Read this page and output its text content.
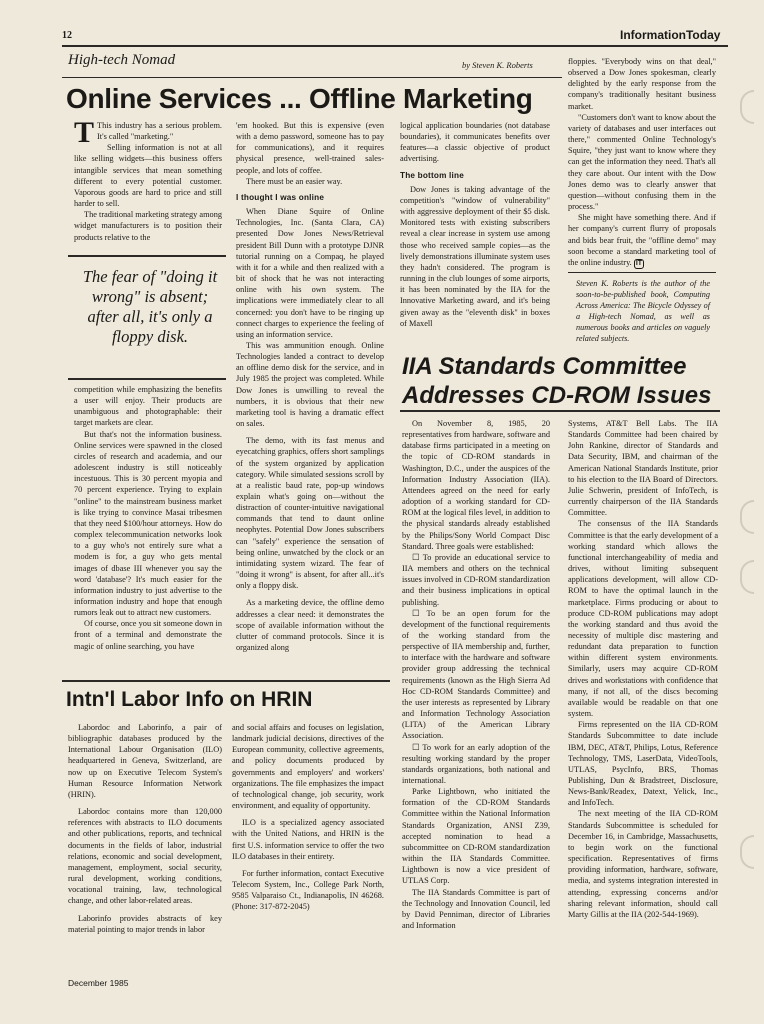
12	InformationToday
High-tech Nomad	by Steven K. Roberts
Online Services ... Offline Marketing

T This industry has a serious problem. It's called "marketing."

Selling information is not at all like selling widgets—this business offers intangible services that mean something different to every potential customer. Vaporous goods are hard to price and still harder to sell.

The traditional marketing strategy among widget manufacturers is to position their products relative to the

The fear of "doing it wrong" is absent; after all, it's only a floppy disk.

competition while emphasizing the benefits a user will enjoy. Their products are unambiguous and photographable: their target markets are clear.

But that's not the information business. Online services were spawned in the closed circles of research and academia, and our adolescent industry is still noticeably incestuous. This is 30 percent myopia and 70 percent experience. Trying to explain "online" to the mainstream business market is like trying to convince Masai tribesmen that they need $100/hour attorneys. How do complex telecommunication networks look to a guy who's not entirely sure what a modem is for, a guy who gets mental images of dbase III whenever you say the word 'database'? It's much easier for the information industry to just advertise to the information industry and hope that enough rumors leak out to attract new customers.

Of course, once you sit someone down in front of a terminal and demonstrate the magic of online searching, you have

'em hooked. But this is expensive (even with a demo password, someone has to pay for communications), and it requires physical presence, well-trained sales-people, and lots of coffee.

There must be an easier way.

I thought I was online

When Diane Squire of Online Technologies, Inc. (Santa Clara, CA) presented Dow Jones News/Retrieval president Bill Dunn with a prototype DJNR tutorial running on a Compaq, he played with it for a while and then realized with a bit of shock that he was not interacting online with his own system. The implications were immediately clear to all concerned: you don't have to be ringing up connect charges to experience the feeling of using an information service.

This was ammunition enough. Online Technologies landed a contract to develop an offline demo disk for the service, and in July 1985 the project was completed. While Dow Jones is unwilling to reveal the numbers, it is obvious that their new marketing tool is having a dramatic effect on sales.

The demo, with its fast menus and eyecatching graphics, offers short samplings of the system organized by application category. While simulated sessions scroll by at a realistic baud rate, pop-up windows explain what's going on—without the distraction of counter-intuitive navigational commands that tend to daunt online neophytes. Potential Dow Jones subscribers can "safely" experience the sensation of being online, unwatched by the clock or an intimidating system wizard. The fear of "doing it wrong" is absent, for after all...it's only a floppy disk.

As a marketing device, the offline demo addresses a clear need: it demonstrates the scope of available information without the clutter of command protocols. Since it is organized along

logical application boundaries (not database boundaries), it communicates benefits over features—a classic objective of product advertising.

The bottom line

Dow Jones is taking advantage of the competition's "window of vulnerability" with aggressive deployment of their $5 disk. Monitored tests with existing subscribers reveal a clear increase in system use among those who received sample copies—as the lively demonstrations illuminate system uses they hadn't considered. The program is running in the club lounges of some airports, it has been nominated by the IIA for the Innovative Marketing award, and it's being given away as the "eleventh disk" in boxes of Maxell

floppies. "Everybody wins on that deal," observed a Dow Jones spokesman, clearly delighted by the early response from the company's traditionally hesitant business market.

"Customers don't want to know about the variety of databases and user interfaces out there," commented Online Technology's Squire, "they just want to know where they can get the information they need. That's all they care about. Our intent with the Dow Jones demo was to clearly answer that question—without confusing them in the process."

She might have something there. And if her company's current flurry of proposals and bids bear fruit, the "offline demo" may soon become a standard marketing tool of the online industry. IT

Steven K. Roberts is the author of the soon-to-be-published book, Computing Across America: The Bicycle Odyssey of a High-tech Nomad, as well as numerous books and articles on vaguely related subjects.
IIA Standards Committee
Addresses CD-ROM Issues

On November 8, 1985, 20 representatives from hardware, software and database firms participated in a meeting on the topic of CD-ROM standards in Washington, D.C., under the auspices of the Information Industry Association (IIA). Attendees agreed on the need for early adoption of a working standard for CD-ROM at the logical files level, in addition to the physical standards already established by the Philips/Sony World Compact Disc Standard. Three goals were established:

☐ To provide an educational service to IIA members and others on the technical issues involved in CD-ROM standardization and their business implications in optical publishing.

☐ To be an open forum for the development of the functional requirements of the working standard from the perspective of IIA membership and, further, to interface with the hardware and software provider group addressing the technical requirements (known as the High Sierra Ad Hoc CD-ROM Standards Committee) and the user interests as represented by Library and Information Technology Association (LITA) of the American Library Association.

☐ To work for an early adoption of the resulting working standard by the proper standards organizations, both national and international.

Parke Lightbown, who initiated the formation of the CD-ROM Standards Committee within the National Information Standards Organization, ANSI Z39, accepted nomination to head a subcommittee on CD-ROM standardization within the IIA Standards Committee. Lightbown is now a vice president of UTLAS Corp.

The IIA Standards Committee is part of the Technology and Innovation Council, led by David Penniman, director of Libraries and Information

Systems, AT&T Bell Labs. The IIA Standards Committee had been chaired by John Rankine, director of Standards and Data Security, IBM, and chairman of the American National Standards Institute, prior to his election to the IIA Board of Directors. Julie Schwerin, president of InfoTech, is currently chairperson of the IIA Standards Committee.

The consensus of the IIA Standards Committee is that the early development of a working standard which allows the functional interchangeability of media and drives, without limiting subsequent applications development, will allow CD-ROM to have the optimal launch in the marketplace. Firms producing or about to produce CD-ROM publications may adopt the working standard and thus avoid the necessity of multiple disc mastering and redundant data preparation to function within different system environments. Similarly, users may acquire CD-ROM drives and workstations with confidence that many, if not all, of the discs becoming available would be readable on that one system.

Firms represented on the IIA CD-ROM Standards Subcommittee to date include IBM, DEC, AT&T, Philips, Lotus, Reference Technology, TMS, LaserData, VideoTools, UTLAS, PsycInfo, BRS, Thomas Publishing, Dun & Bradstreet, Disclosure, News-Bank/Readex, Datext, Yelick, Inc., and InfoTech.

The next meeting of the IIA CD-ROM Standards Subcommittee is scheduled for December 16, in Cambridge, Massachusetts, to begin work on the functional specification. Representatives of firms providing information, hardware, software, media, and systems integration interested in attending, expressing concerns and/or sharing relevant information, should call Marty Gillis at the IIA (202-544-1969).

Intn'l Labor Info on HRIN

Labordoc and Laborinfo, a pair of bibliographic databases produced by the International Labour Organisation (ILO) headquartered in Geneva, Switzerland, are now up on Executive Telecom System's Human Resource Information Network (HRIN).

Labordoc contains more than 120,000 references with abstracts to ILO documents and other publications, reports, and technical documents in the fields of labor, industrial relations, economic and social development, management, employment, social security, rural development, working conditions, vocational training, law, technological change, and other labor-related areas.

Laborinfo provides abstracts of key material pointing to major trends in labor

and social affairs and focuses on legislation, landmark judicial decisions, directives of the European community, collective agreements, and policy documents produced by governments and employers' and workers' organizations. The file emphasizes the impact of technological change, job security, work environment, and equality of opportunity.

ILO is a specialized agency associated with the United Nations, and HRIN is the first U.S. information service to offer the two ILO databases in their entirety.

For further information, contact Executive Telecom System, Inc., College Park North, 9585 Valparaiso Ct., Indianapolis, IN 46268. (Phone: 317-872-2045)

December 1985
